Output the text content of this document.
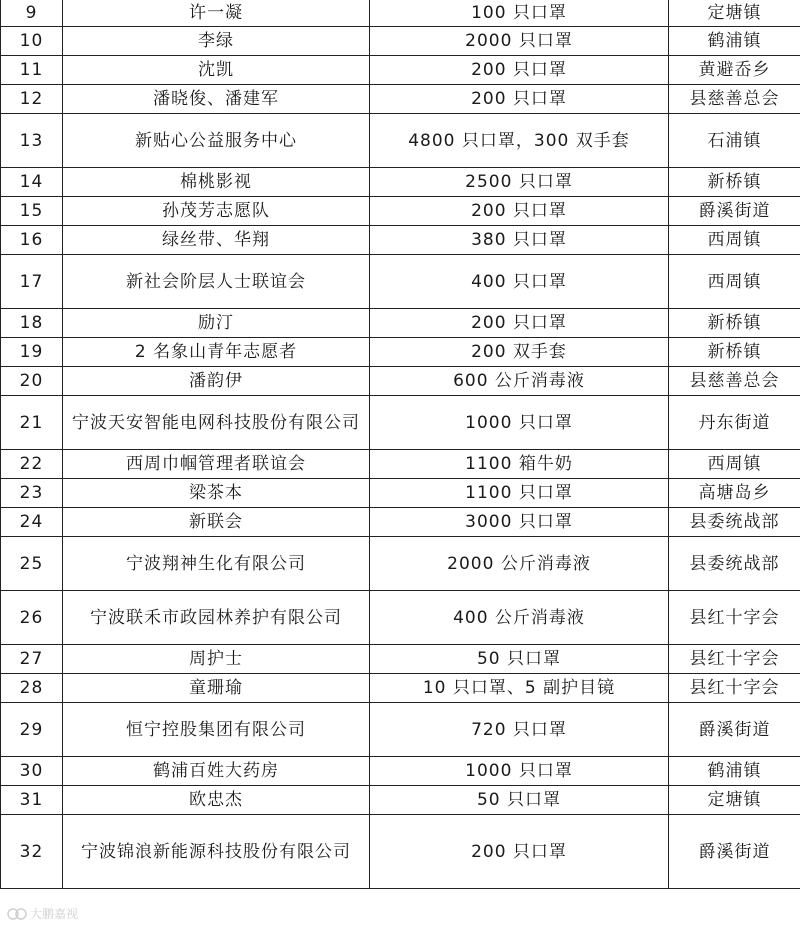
9	许一凝	100 只口罩	定塘镇
10	李绿	2000 只口罩	鹤浦镇
11	沈凯	200 只口罩	黄避岙乡
12	潘晓俊、潘建军	200 只口罩	县慈善总会
13	新贴心公益服务中心	4800 只口罩，300 双手套	石浦镇
14	棉桃影视	2500 只口罩	新桥镇
15	孙茂芳志愿队	200 只口罩	爵溪街道
16	绿丝带、华翔	380 只口罩	西周镇
17	新社会阶层人士联谊会	400 只口罩	西周镇
18	励汀	200 只口罩	新桥镇
19	2 名象山青年志愿者	200 双手套	新桥镇
20	潘韵伊	600 公斤消毒液	县慈善总会
21	宁波天安智能电网科技股份有限公司	1000 只口罩	丹东街道
22	西周巾帼管理者联谊会	1100 箱牛奶	西周镇
23	梁茶本	1100 只口罩	高塘岛乡
24	新联会	3000 只口罩	县委统战部
25	宁波翔神生化有限公司	2000 公斤消毒液	县委统战部
26	宁波联禾市政园林养护有限公司	400 公斤消毒液	县红十字会
27	周护士	50 只口罩	县红十字会
28	童珊瑜	10 只口罩、5 副护目镜	县红十字会
29	恒宁控股集团有限公司	720 只口罩	爵溪街道
30	鹤浦百姓大药房	1000 只口罩	鹤浦镇
31	欧忠杰	50 只口罩	定塘镇
32	宁波锦浪新能源科技股份有限公司	200 只口罩	爵溪街道
大鹏嘉视
